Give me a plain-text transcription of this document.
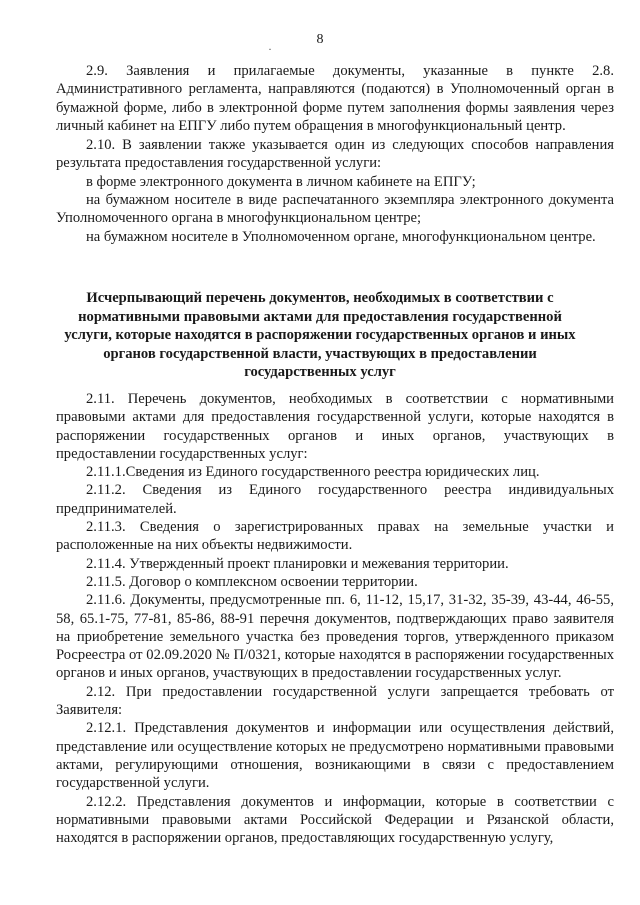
8
·

2.9. Заявления и прилагаемые документы, указанные в пункте 2.8. Административного регламента, направляются (подаются) в Уполномоченный орган в бумажной форме, либо в электронной форме путем заполнения формы заявления через личный кабинет на ЕПГУ либо путем обращения в многофункциональный центр.

2.10. В заявлении также указывается один из следующих способов направления результата предоставления государственной услуги:

в форме электронного документа в личном кабинете на ЕПГУ;

на бумажном носителе в виде распечатанного экземпляра электронного документа Уполномоченного органа в многофункциональном центре;

на бумажном носителе в Уполномоченном органе, многофункциональном центре.

Исчерпывающий перечень документов, необходимых в соответствии с нормативными правовыми актами для предоставления государственной услуги, которые находятся в распоряжении государственных органов и иных органов государственной власти, участвующих в предоставлении государственных услуг

2.11. Перечень документов, необходимых в соответствии с нормативными правовыми актами для предоставления государственной услуги, которые находятся в распоряжении государственных органов и иных органов, участвующих в предоставлении государственных услуг:

2.11.1.Сведения из Единого государственного реестра юридических лиц.

2.11.2. Сведения из Единого государственного реестра индивидуальных предпринимателей.

2.11.3. Сведения о зарегистрированных правах на земельные участки и расположенные на них объекты недвижимости.

2.11.4. Утвержденный проект планировки и межевания территории.

2.11.5. Договор о комплексном освоении территории.

2.11.6. Документы, предусмотренные пп. 6, 11-12, 15,17, 31-32, 35-39, 43-44, 46-55, 58, 65.1-75, 77-81, 85-86, 88-91 перечня документов, подтверждающих право заявителя на приобретение земельного участка без проведения торгов, утвержденного приказом Росреестра от 02.09.2020 № П/0321, которые находятся в распоряжении государственных органов и иных органов, участвующих в предоставлении государственных услуг.

2.12. При предоставлении государственной услуги запрещается требовать от Заявителя:

2.12.1. Представления документов и информации или осуществления действий, представление или осуществление которых не предусмотрено нормативными правовыми актами, регулирующими отношения, возникающими в связи с предоставлением государственной услуги.

2.12.2. Представления документов и информации, которые в соответствии с нормативными правовыми актами Российской Федерации и Рязанской области, находятся в распоряжении органов, предоставляющих государственную услугу,
